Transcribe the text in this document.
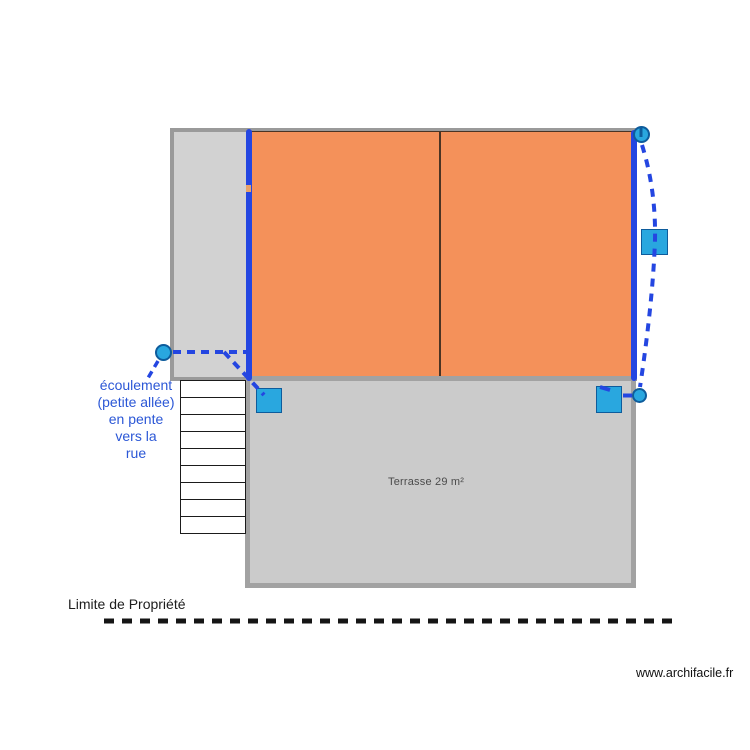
Terrasse 29 m²
écoulement
(petite allée)
en pente
vers la
rue
Limite de Propriété
www.archifacile.fr
